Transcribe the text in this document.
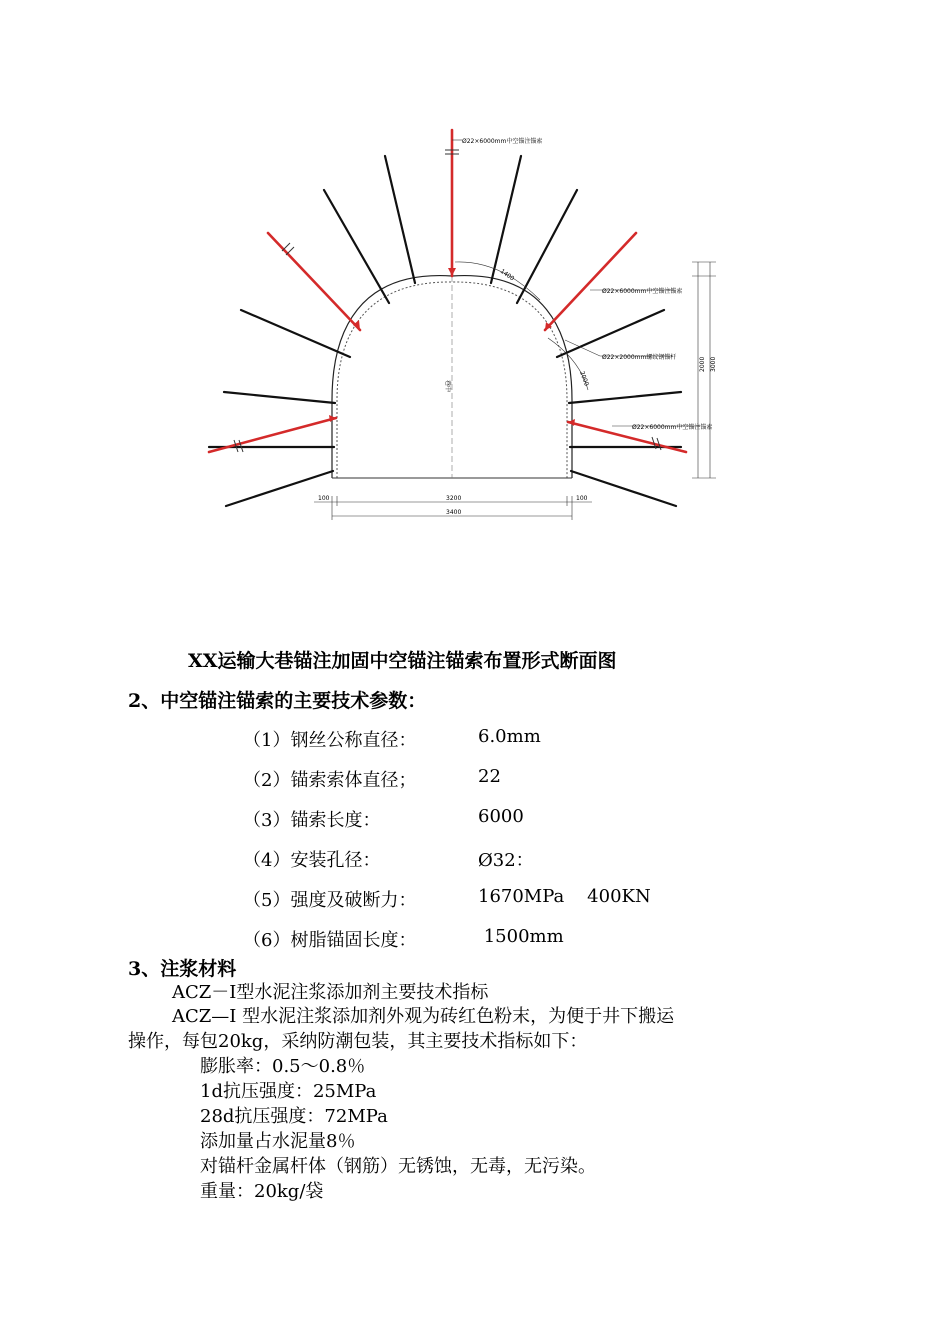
巷中
Ø22×6000mm中空锚注锚索
Ø22×6000mm中空锚注锚索
Ø22×2000mm螺纹钢锚杆
Ø22×6000mm中空锚注锚索
1400
2000
100	3200	100
3400
2000 3000
XX运输大巷锚注加固中空锚注锚索布置形式断面图
2、中空锚注锚索的主要技术参数：
（1）钢丝公称直径：	6.0mm
（2）锚索索体直径；	22
（3）锚索长度：	6000
（4）安装孔径：	Ø32：
（5）强度及破断力：	1670MPa    400KN
（6）树脂锚固长度：	1500mm
3、注浆材料
ACZ－Ⅰ型水泥注浆添加剂主要技术指标
ACZ—Ⅰ 型水泥注浆添加剂外观为砖红色粉末，为便于井下搬运
操作，每包20kg，采纳防潮包装，其主要技术指标如下：
膨胀率：0.5～0.8％
1d抗压强度：25MPa
28d抗压强度：72MPa
添加量占水泥量8％
对锚杆金属杆体（钢筋）无锈蚀，无毒，无污染。
重量：20kg/袋
